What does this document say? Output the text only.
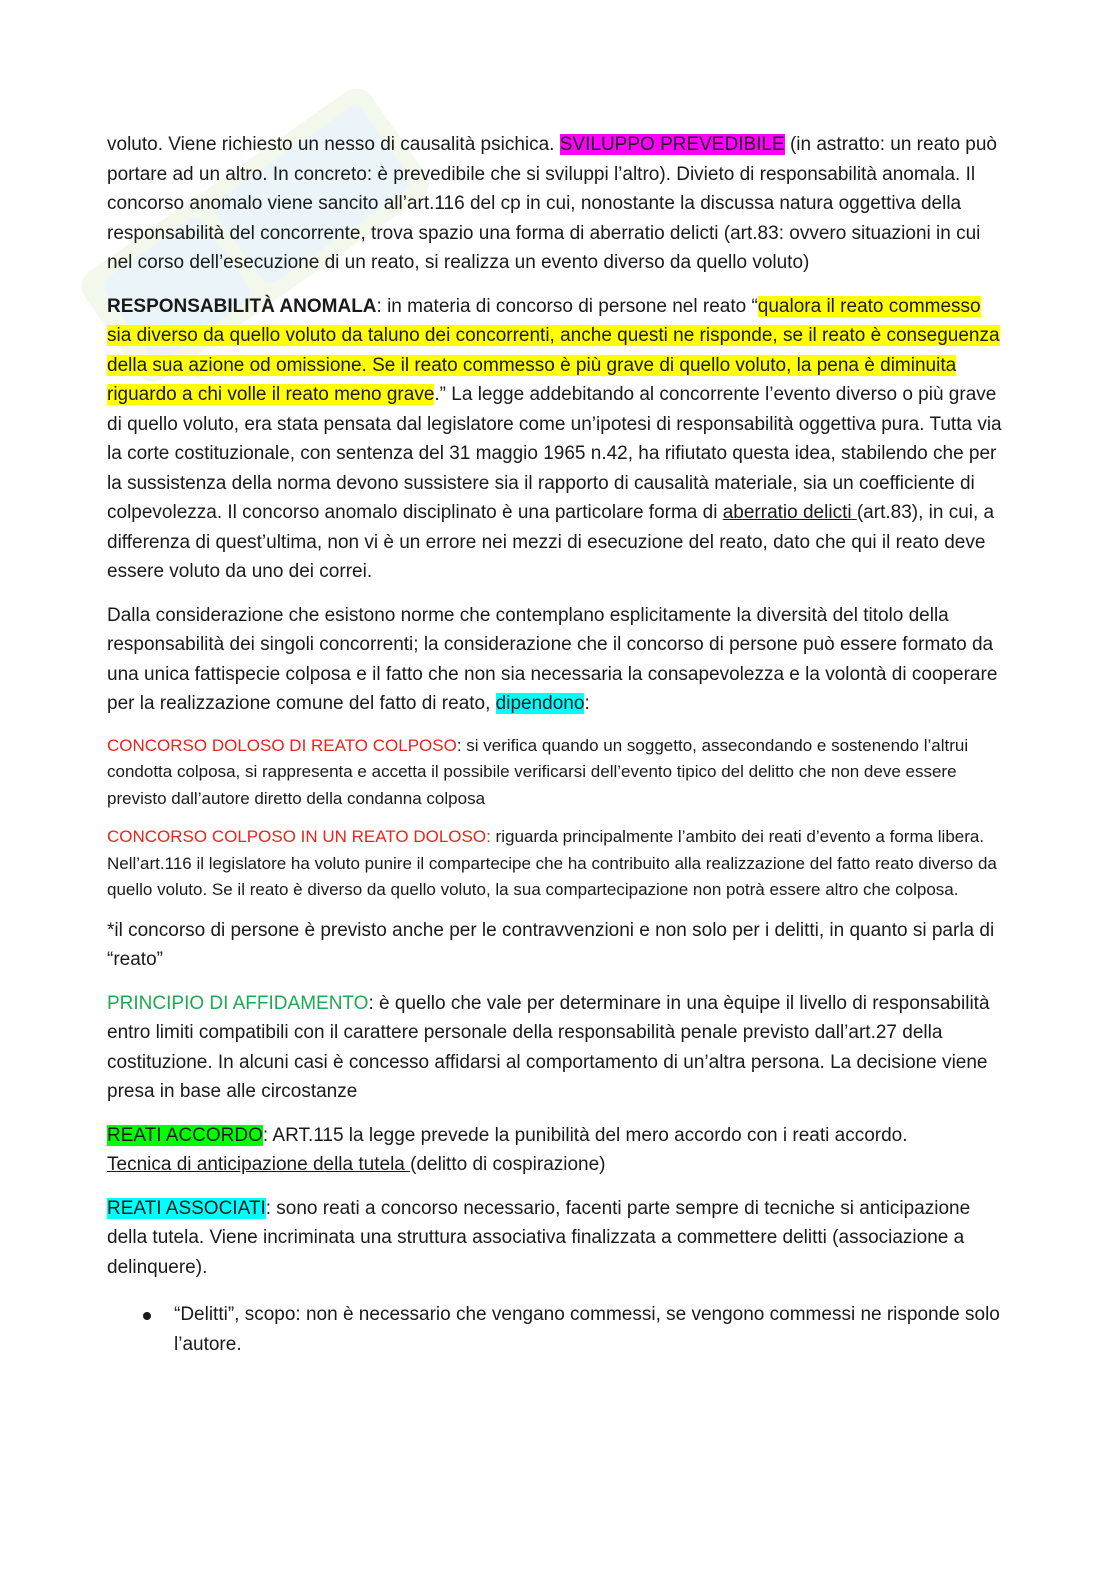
voluto. Viene richiesto un nesso di causalità psichica. SVILUPPO PREVEDIBILE (in astratto: un reato può portare ad un altro. In concreto: è prevedibile che si sviluppi l’altro). Divieto di responsabilità anomala. Il concorso anomalo viene sancito all’art.116 del cp in cui, nonostante la discussa natura oggettiva della responsabilità del concorrente, trova spazio una forma di aberratio delicti (art.83: ovvero situazioni in cui nel corso dell’esecuzione di un reato, si realizza un evento diverso da quello voluto)

RESPONSABILITÀ ANOMALA: in materia di concorso di persone nel reato “qualora il reato commesso sia diverso da quello voluto da taluno dei concorrenti, anche questi ne risponde, se il reato è conseguenza della sua azione od omissione. Se il reato commesso è più grave di quello voluto, la pena è diminuita riguardo a chi volle il reato meno grave.” La legge addebitando al concorrente l’evento diverso o più grave di quello voluto, era stata pensata dal legislatore come un’ipotesi di responsabilità oggettiva pura. Tutta via la corte costituzionale, con sentenza del 31 maggio 1965 n.42, ha rifiutato questa idea, stabilendo che per la sussistenza della norma devono sussistere sia il rapporto di causalità materiale, sia un coefficiente di colpevolezza. Il concorso anomalo disciplinato è una particolare forma di aberratio delicti (art.83), in cui, a differenza di quest’ultima, non vi è un errore nei mezzi di esecuzione del reato, dato che qui il reato deve essere voluto da uno dei correi.

Dalla considerazione che esistono norme che contemplano esplicitamente la diversità del titolo della responsabilità dei singoli concorrenti; la considerazione che il concorso di persone può essere formato da una unica fattispecie colposa e il fatto che non sia necessaria la consapevolezza e la volontà di cooperare per la realizzazione comune del fatto di reato, dipendono:

CONCORSO DOLOSO DI REATO COLPOSO: si verifica quando un soggetto, assecondando e sostenendo l’altrui condotta colposa, si rappresenta e accetta il possibile verificarsi dell’evento tipico del delitto che non deve essere previsto dall’autore diretto della condanna colposa

CONCORSO COLPOSO IN UN REATO DOLOSO: riguarda principalmente l’ambito dei reati d’evento a forma libera. Nell’art.116 il legislatore ha voluto punire il compartecipe che ha contribuito alla realizzazione del fatto reato diverso da quello voluto. Se il reato è diverso da quello voluto, la sua compartecipazione non potrà essere altro che colposa.

*il concorso di persone è previsto anche per le contravvenzioni e non solo per i delitti, in quanto si parla di “reato”

PRINCIPIO DI AFFIDAMENTO: è quello che vale per determinare in una èquipe il livello di responsabilità entro limiti compatibili con il carattere personale della responsabilità penale previsto dall’art.27 della costituzione. In alcuni casi è concesso affidarsi al comportamento di un’altra persona. La decisione viene presa in base alle circostanze

REATI ACCORDO: ART.115 la legge prevede la punibilità del mero accordo con i reati accordo.
Tecnica di anticipazione della tutela (delitto di cospirazione)

REATI ASSOCIATI: sono reati a concorso necessario, facenti parte sempre di tecniche si anticipazione della tutela. Viene incriminata una struttura associativa finalizzata a commettere delitti (associazione a delinquere).

“Delitti”, scopo: non è necessario che vengano commessi, se vengono commessi ne risponde solo l’autore.
